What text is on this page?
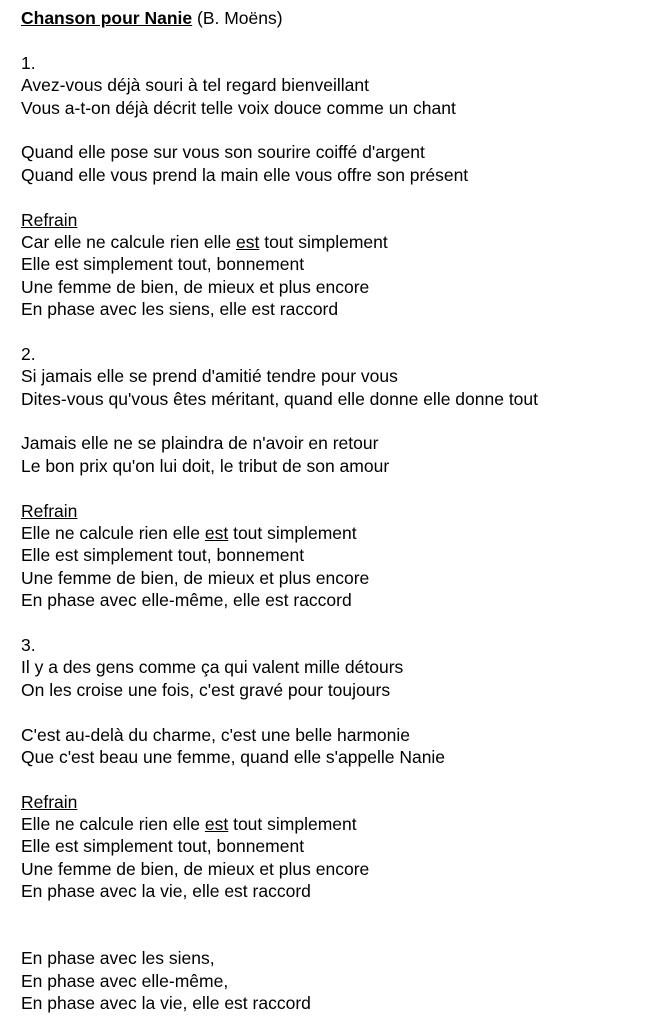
Chanson pour Nanie (B. Moëns)
1.
Avez-vous déjà souri à tel regard bienveillant
Vous a-t-on déjà décrit telle voix douce comme un chant
Quand elle pose sur vous son sourire coiffé d'argent
Quand elle vous prend la main elle vous offre son présent
Refrain
Car elle ne calcule rien elle est tout simplement
Elle est simplement tout, bonnement
Une femme de bien, de mieux et plus encore
En phase avec les siens, elle est raccord
2.
Si jamais elle se prend d'amitié tendre pour vous
Dites-vous qu'vous êtes méritant, quand elle donne elle donne tout
Jamais elle ne se plaindra de n'avoir en retour
Le bon prix qu'on lui doit, le tribut de son amour
Refrain
Elle ne calcule rien elle est tout simplement
Elle est simplement tout, bonnement
Une femme de bien, de mieux et plus encore
En phase avec elle-même, elle est raccord
3.
Il y a des gens comme ça qui valent mille détours
On les croise une fois, c'est gravé pour toujours
C'est au-delà du charme, c'est une belle harmonie
Que c'est beau une femme, quand elle s'appelle Nanie
Refrain
Elle ne calcule rien elle est tout simplement
Elle est simplement tout, bonnement
Une femme de bien, de mieux et plus encore
En phase avec la vie, elle est raccord
En phase avec les siens,
En phase avec elle-même,
En phase avec la vie, elle est raccord
